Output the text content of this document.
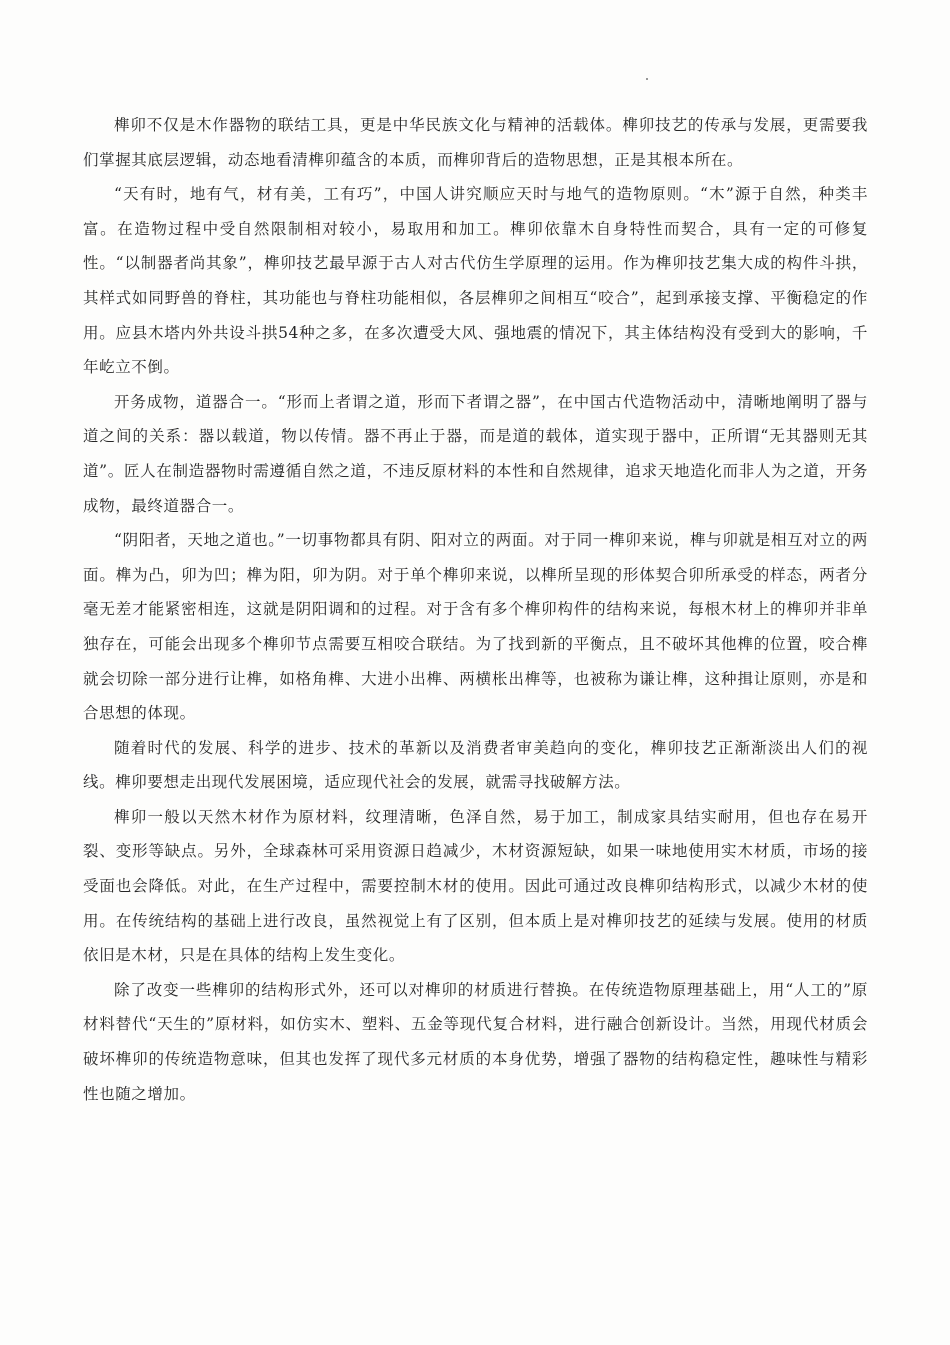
榫卯不仅是木作器物的联结工具，更是中华民族文化与精神的活载体。榫卯技艺的传承与发展，更需要我们掌握其底层逻辑，动态地看清榫卯蕴含的本质，而榫卯背后的造物思想，正是其根本所在。

“天有时，地有气，材有美，工有巧”，中国人讲究顺应天时与地气的造物原则。“木”源于自然，种类丰富。在造物过程中受自然限制相对较小，易取用和加工。榫卯依靠木自身特性而契合，具有一定的可修复性。“以制器者尚其象”，榫卯技艺最早源于古人对古代仿生学原理的运用。作为榫卯技艺集大成的构件斗拱，其样式如同野兽的脊柱，其功能也与脊柱功能相似，各层榫卯之间相互“咬合”，起到承接支撑、平衡稳定的作用。应县木塔内外共设斗拱54种之多，在多次遭受大风、强地震的情况下，其主体结构没有受到大的影响，千年屹立不倒。

开务成物，道器合一。“形而上者谓之道，形而下者谓之器”，在中国古代造物活动中，清晰地阐明了器与道之间的关系：器以载道，物以传情。器不再止于器，而是道的载体，道实现于器中，正所谓“无其器则无其道”。匠人在制造器物时需遵循自然之道，不违反原材料的本性和自然规律，追求天地造化而非人为之道，开务成物，最终道器合一。

“阴阳者，天地之道也。”一切事物都具有阴、阳对立的两面。对于同一榫卯来说，榫与卯就是相互对立的两面。榫为凸，卯为凹；榫为阳，卯为阴。对于单个榫卯来说，以榫所呈现的形体契合卯所承受的样态，两者分毫无差才能紧密相连，这就是阴阳调和的过程。对于含有多个榫卯构件的结构来说，每根木材上的榫卯并非单独存在，可能会出现多个榫卯节点需要互相咬合联结。为了找到新的平衡点，且不破坏其他榫的位置，咬合榫就会切除一部分进行让榫，如格角榫、大进小出榫、两横枨出榫等，也被称为谦让榫，这种揖让原则，亦是和合思想的体现。

随着时代的发展、科学的进步、技术的革新以及消费者审美趋向的变化，榫卯技艺正渐渐淡出人们的视线。榫卯要想走出现代发展困境，适应现代社会的发展，就需寻找破解方法。

榫卯一般以天然木材作为原材料，纹理清晰，色泽自然，易于加工，制成家具结实耐用，但也存在易开裂、变形等缺点。另外，全球森林可采用资源日趋减少，木材资源短缺，如果一味地使用实木材质，市场的接受面也会降低。对此，在生产过程中，需要控制木材的使用。因此可通过改良榫卯结构形式，以减少木材的使用。在传统结构的基础上进行改良，虽然视觉上有了区别，但本质上是对榫卯技艺的延续与发展。使用的材质依旧是木材，只是在具体的结构上发生变化。

除了改变一些榫卯的结构形式外，还可以对榫卯的材质进行替换。在传统造物原理基础上，用“人工的”原材料替代“天生的”原材料，如仿实木、塑料、五金等现代复合材料，进行融合创新设计。当然，用现代材质会破坏榫卯的传统造物意味，但其也发挥了现代多元材质的本身优势，增强了器物的结构稳定性，趣味性与精彩性也随之增加。
